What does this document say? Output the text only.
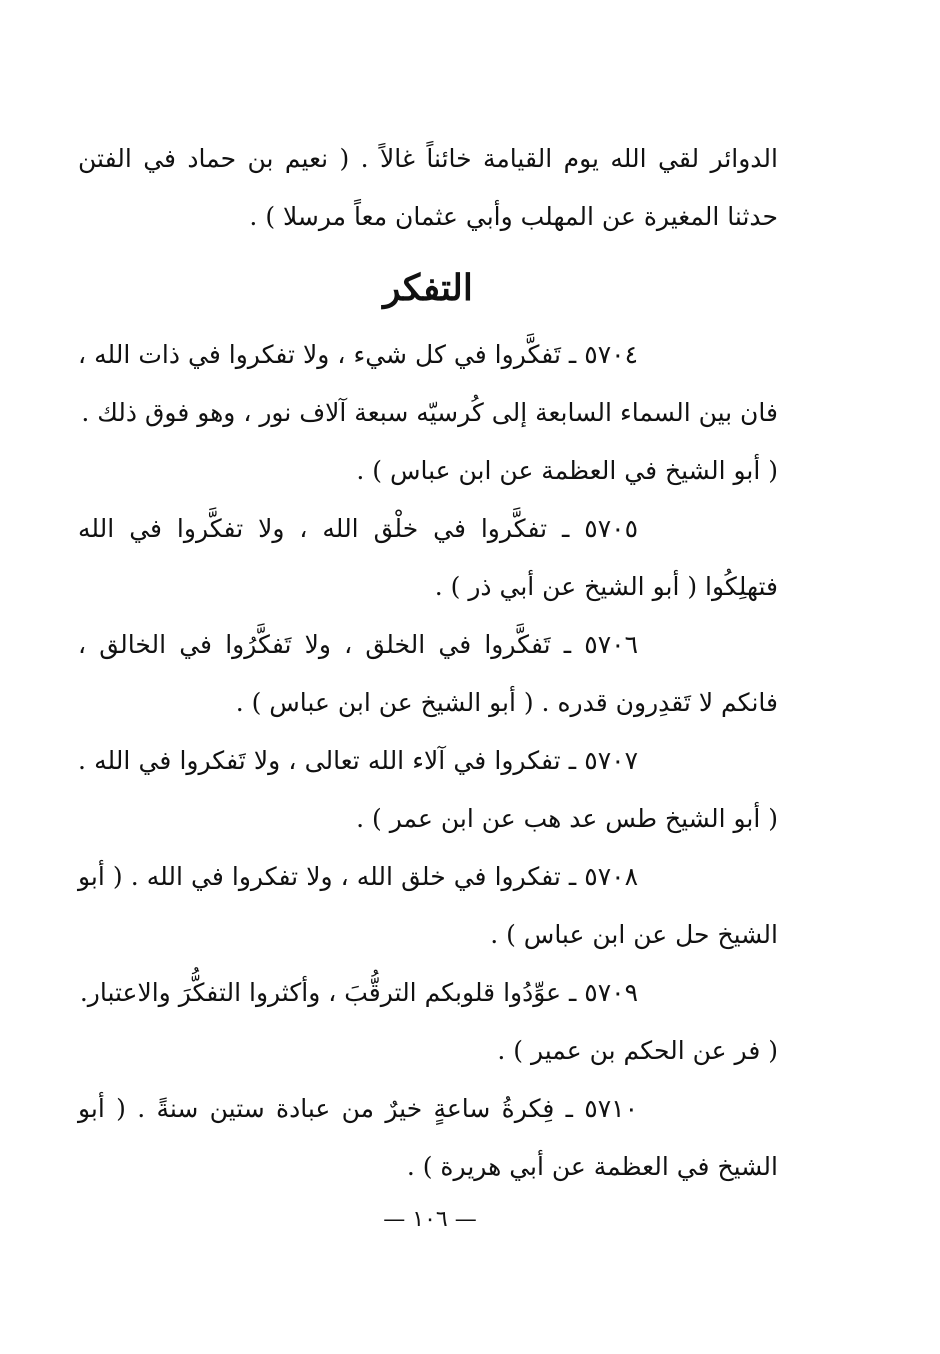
الدوائر لقي الله يوم القيامة خائناً غالاً . ( نعيم بن حماد في الفتن حدثنا المغيرة عن المهلب وأبي عثمان معاً مرسلا ) .

التفكر

٥٧٠٤ ـ تَفكَّروا في كل شيء ، ولا تفكروا في ذات الله ، فان بين السماء السابعة إلى كُرسيّه سبعة آلاف نور ، وهو فوق ذلك .

( أبو الشيخ في العظمة عن ابن عباس ) .

٥٧٠٥ ـ تفكَّروا في خلْق الله ، ولا تفكَّروا في الله فتهلِكُوا ( أبو الشيخ عن أبي ذر ) .

٥٧٠٦ ـ تَفكَّروا في الخلق ، ولا تَفكَّرُوا في الخالق ، فانكم لا تَقدِرون قدره . ( أبو الشيخ عن ابن عباس ) .

٥٧٠٧ ـ تفكروا في آلاء الله تعالى ، ولا تَفكروا في الله . ( أبو الشيخ طس عد هب عن ابن عمر ) .

٥٧٠٨ ـ تفكروا في خلق الله ، ولا تفكروا في الله . ( أبو الشيخ حل عن ابن عباس ) .

٥٧٠٩ ـ عوِّدُوا قلوبكم الترقُّبَ ، وأكثروا التفكُّرَ والاعتبار.

( فر عن الحكم بن عمير ) .

٥٧١٠ ـ فِكرةُ ساعةٍ خيرٌ من عبادة ستين سنةً . ( أبو الشيخ في العظمة عن أبي هريرة ) .

— ١٠٦ —
